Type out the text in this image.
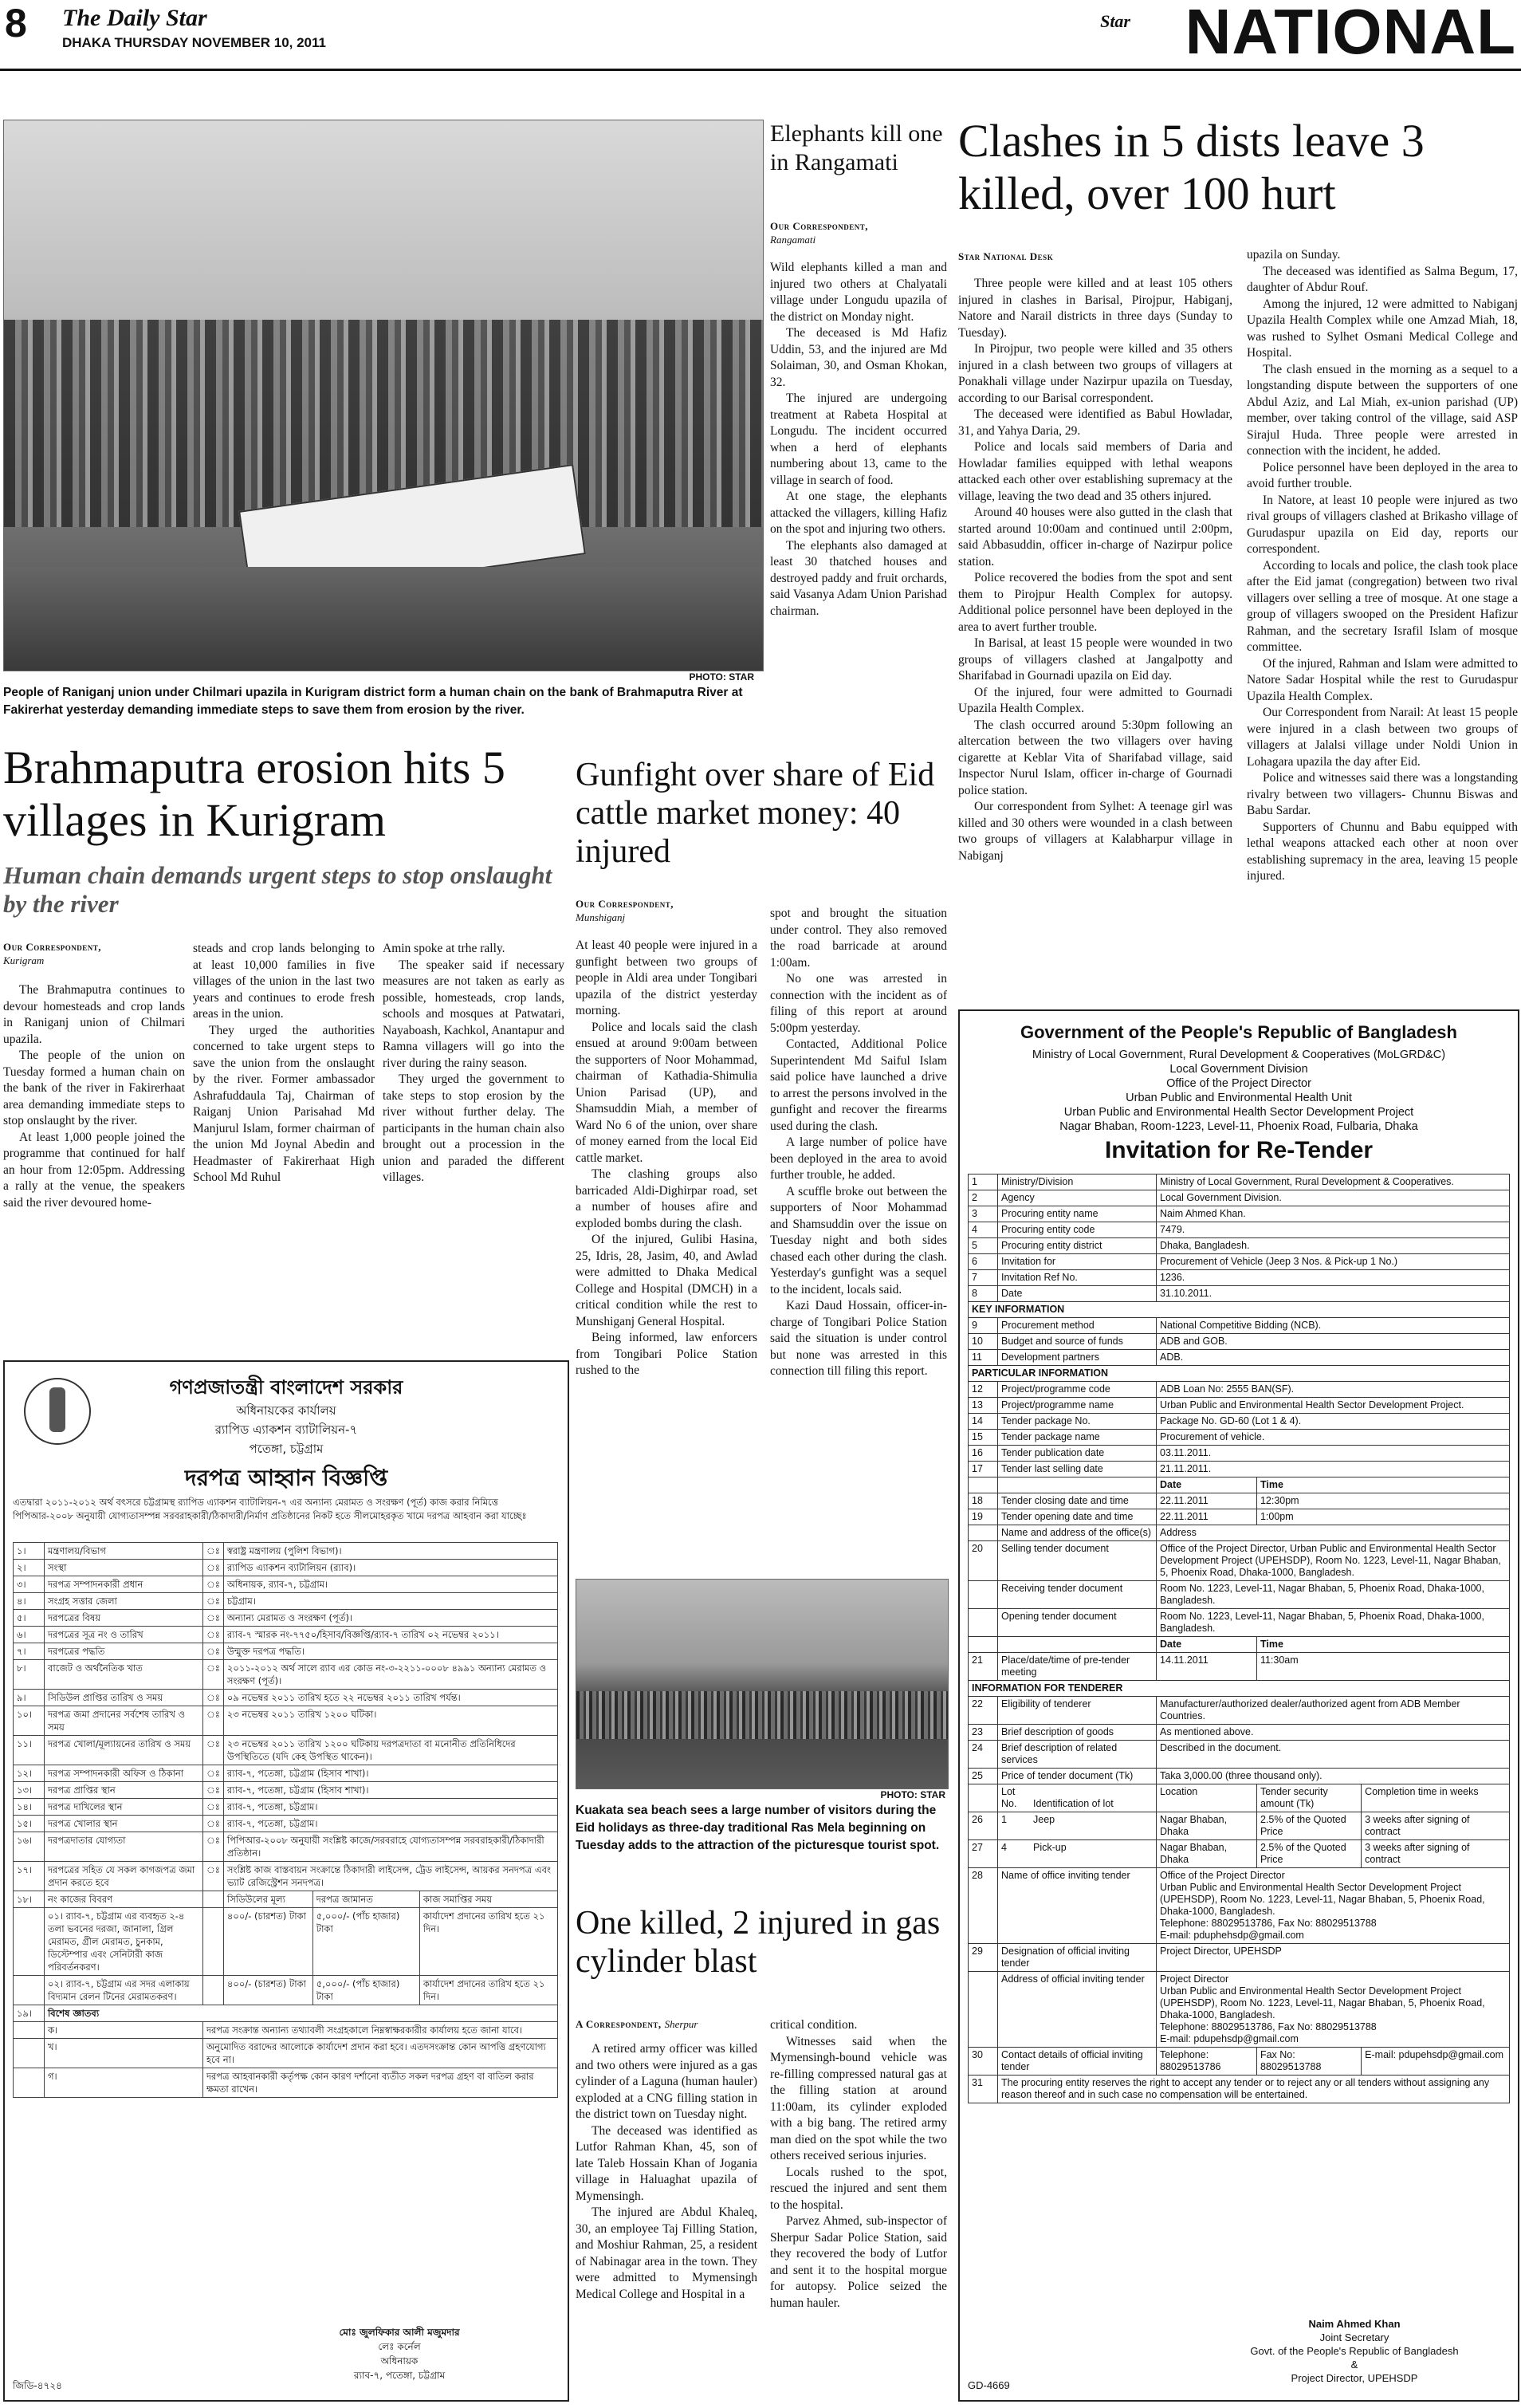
8 The Daily Star
DHAKA THURSDAY NOVEMBER 10, 2011
Star NATIONAL
PHOTO: STAR
People of Raniganj union under Chilmari upazila in Kurigram district form a human chain on the bank of Brahmaputra River at Fakirerhat yesterday demanding immediate steps to save them from erosion by the river.
Brahmaputra erosion hits 5 villages in Kurigram
Human chain demands urgent steps to stop onslaught by the river
Our Correspondent,
Kurigram

The Brahmaputra continues to devour homesteads and crop lands in Raniganj union of Chilmari upazila.

The people of the union on Tuesday formed a human chain on the bank of the river in Fakirerhaat area demanding immediate steps to stop onslaught by the river.

At least 1,000 people joined the programme that continued for half an hour from 12:05pm. Addressing a rally at the venue, the speakers said the river devoured home-

steads and crop lands belonging to at least 10,000 families in five villages of the union in the last two years and continues to erode fresh areas in the union.

They urged the authorities concerned to take urgent steps to save the union from the onslaught by the river. Former ambassador Ashrafuddaula Taj, Chairman of Raiganj Union Parisahad Md Manjurul Islam, former chairman of the union Md Joynal Abedin and Headmaster of Fakirerhaat High School Md Ruhul

Amin spoke at trhe rally.

The speaker said if necessary measures are not taken as early as possible, homesteads, crop lands, schools and mosques at Patwatari, Nayaboash, Kachkol, Anantapur and Ramna villagers will go into the river during the rainy season.

They urged the government to take steps to stop erosion by the river without further delay. The participants in the human chain also brought out a procession in the union and paraded the different villages.

Elephants kill one in Rangamati
Our Correspondent,
Rangamati

Wild elephants killed a man and injured two others at Chalyatali village under Longudu upazila of the district on Monday night.

The deceased is Md Hafiz Uddin, 53, and the injured are Md Solaiman, 30, and Osman Khokan, 32.

The injured are undergoing treatment at Rabeta Hospital at Longudu. The incident occurred when a herd of elephants numbering about 13, came to the village in search of food.

At one stage, the elephants attacked the villagers, killing Hafiz on the spot and injuring two others.

The elephants also damaged at least 30 thatched houses and destroyed paddy and fruit orchards, said Vasanya Adam Union Parishad chairman.

Clashes in 5 dists leave 3 killed, over 100 hurt
Star National Desk

Three people were killed and at least 105 others injured in clashes in Barisal, Pirojpur, Habiganj, Natore and Narail districts in three days (Sunday to Tuesday).

In Pirojpur, two people were killed and 35 others injured in a clash between two groups of villagers at Ponakhali village under Nazirpur upazila on Tuesday, according to our Barisal correspondent.

The deceased were identified as Babul Howladar, 31, and Yahya Daria, 29.

Police and locals said members of Daria and Howladar families equipped with lethal weapons attacked each other over establishing supremacy at the village, leaving the two dead and 35 others injured.

Around 40 houses were also gutted in the clash that started around 10:00am and continued until 2:00pm, said Abbasuddin, officer in-charge of Nazirpur police station.

Police recovered the bodies from the spot and sent them to Pirojpur Health Complex for autopsy. Additional police personnel have been deployed in the area to avert further trouble.

In Barisal, at least 15 people were wounded in two groups of villagers clashed at Jangalpotty and Sharifabad in Gournadi upazila on Eid day.

Of the injured, four were admitted to Gournadi Upazila Health Complex.

The clash occurred around 5:30pm following an altercation between the two villagers over having cigarette at Keblar Vita of Sharifabad village, said Inspector Nurul Islam, officer in-charge of Gournadi police station.

Our correspondent from Sylhet: A teenage girl was killed and 30 others were wounded in a clash between two groups of villagers at Kalabharpur village in Nabiganj

upazila on Sunday.

The deceased was identified as Salma Begum, 17, daughter of Abdur Rouf.

Among the injured, 12 were admitted to Nabiganj Upazila Health Complex while one Amzad Miah, 18, was rushed to Sylhet Osmani Medical College and Hospital.

The clash ensued in the morning as a sequel to a longstanding dispute between the supporters of one Abdul Aziz, and Lal Miah, ex-union parishad (UP) member, over taking control of the village, said ASP Sirajul Huda. Three people were arrested in connection with the incident, he added.

Police personnel have been deployed in the area to avoid further trouble.

In Natore, at least 10 people were injured as two rival groups of villagers clashed at Brikasho village of Gurudaspur upazila on Eid day, reports our correspondent.

According to locals and police, the clash took place after the Eid jamat (congregation) between two rival villagers over selling a tree of mosque. At one stage a group of villagers swooped on the President Hafizur Rahman, and the secretary Israfil Islam of mosque committee.

Of the injured, Rahman and Islam were admitted to Natore Sadar Hospital while the rest to Gurudaspur Upazila Health Complex.

Our Correspondent from Narail: At least 15 people were injured in a clash between two groups of villagers at Jalalsi village under Noldi Union in Lohagara upazila the day after Eid.

Police and witnesses said there was a longstanding rivalry between two villagers- Chunnu Biswas and Babu Sardar.

Supporters of Chunnu and Babu equipped with lethal weapons attacked each other at noon over establishing supremacy in the area, leaving 15 people injured.

Gunfight over share of Eid cattle market money: 40 injured
Our Correspondent,
Munshiganj

At least 40 people were injured in a gunfight between two groups of people in Aldi area under Tongibari upazila of the district yesterday morning.

Police and locals said the clash ensued at around 9:00am between the supporters of Noor Mohammad, chairman of Kathadia-Shimulia Union Parisad (UP), and Shamsuddin Miah, a member of Ward No 6 of the union, over share of money earned from the local Eid cattle market.

The clashing groups also barricaded Aldi-Dighirpar road, set a number of houses afire and exploded bombs during the clash.

Of the injured, Gulibi Hasina, 25, Idris, 28, Jasim, 40, and Awlad were admitted to Dhaka Medical College and Hospital (DMCH) in a critical condition while the rest to Munshiganj General Hospital.

Being informed, law enforcers from Tongibari Police Station rushed to the

spot and brought the situation under control. They also removed the road barricade at around 1:00am.

No one was arrested in connection with the incident as of filing of this report at around 5:00pm yesterday.

Contacted, Additional Police Superintendent Md Saiful Islam said police have launched a drive to arrest the persons involved in the gunfight and recover the firearms used during the clash.

A large number of police have been deployed in the area to avoid further trouble, he added.

A scuffle broke out between the supporters of Noor Mohammad and Shamsuddin over the issue on Tuesday night and both sides chased each other during the clash. Yesterday's gunfight was a sequel to the incident, locals said.

Kazi Daud Hossain, officer-in-charge of Tongibari Police Station said the situation is under control but none was arrested in this connection till filing this report.

PHOTO: STAR
Kuakata sea beach sees a large number of visitors during the Eid holidays as three-day traditional Ras Mela beginning on Tuesday adds to the attraction of the picturesque tourist spot.
One killed, 2 injured in gas cylinder blast
A Correspondent, Sherpur

A retired army officer was killed and two others were injured as a gas cylinder of a Laguna (human hauler) exploded at a CNG filling station in the district town on Tuesday night.

The deceased was identified as Lutfor Rahman Khan, 45, son of late Taleb Hossain Khan of Jogania village in Haluaghat upazila of Mymensingh.

The injured are Abdul Khaleq, 30, an employee Taj Filling Station, and Moshiur Rahman, 25, a resident of Nabinagar area in the town. They were admitted to Mymensingh Medical College and Hospital in a

critical condition.

Witnesses said when the Mymensingh-bound vehicle was re-filling compressed natural gas at the filling station at around 11:00am, its cylinder exploded with a big bang. The retired army man died on the spot while the two others received serious injuries.

Locals rushed to the spot, rescued the injured and sent them to the hospital.

Parvez Ahmed, sub-inspector of Sherpur Sadar Police Station, said they recovered the body of Lutfor and sent it to the hospital morgue for autopsy. Police seized the human hauler.

গণপ্রজাতন্ত্রী বাংলাদেশ সরকার
অধিনায়কের কার্যালয়
র‍্যাপিড এ্যাকশন ব্যাটালিয়ন-৭
পতেঙ্গা, চট্টগ্রাম
দরপত্র আহ্বান বিজ্ঞপ্তি
এতদ্বারা ২০১১-২০১২ অর্থ বৎসরে চট্টগ্রামস্থ র‍্যাপিড এ্যাকশন ব্যাটালিয়ন-৭ এর অন্যান্য মেরামত ও সংরক্ষণ (পূর্ত) কাজ করার নিমিত্তে পিপিআর-২০০৮ অনুযায়ী যোগ্যতাসম্পন্ন সরবরাহকারী/ঠিকাদারী/নির্মাণ প্রতিষ্ঠানের নিকট হতে সীলমোহরকৃত খামে দরপত্র আহবান করা যাচ্ছেঃ
১।	মন্ত্রণালয়/বিভাগ	ঃ	স্বরাষ্ট্র মন্ত্রণালয় (পুলিশ বিভাগ)।		
২।	সংস্থা	ঃ	র‍্যাপিড এ্যাকশন ব্যাটালিয়ন (র‍্যাব)।		
৩।	দরপত্র সম্পাদনকারী প্রধান	ঃ	অধিনায়ক, র‍্যাব-৭, চট্টগ্রাম।		
৪।	সংগ্রহ সত্তার জেলা	ঃ	চট্টগ্রাম।		
৫।	দরপত্রের বিষয়	ঃ	অন্যান্য মেরামত ও সংরক্ষণ (পূর্ত)।		
৬।	দরপত্রের সূত্র নং ও তারিখ	ঃ	র‍্যাব-৭ স্মারক নং-৭৭৫০/হিসাব/বিজ্ঞপ্তি/র‍্যাব-৭ তারিখ ০২ নভেম্বর ২০১১।		
৭।	দরপত্রের পদ্ধতি	ঃ	উন্মুক্ত দরপত্র পদ্ধতি।		
৮।	বাজেট ও অর্থনৈতিক খাত	ঃ	২০১১-২০১২ অর্থ সালে র‍্যাব এর কোড নং-৩-২২১১-০০০৮ ৪৯৯১ অন্যান্য মেরামত ও সংরক্ষণ (পূর্ত)।		
৯।	সিডিউল প্রাপ্তির তারিখ ও সময়	ঃ	০৯ নভেম্বর ২০১১ তারিখ হতে ২২ নভেম্বর ২০১১ তারিখ পর্যন্ত।		
১০।	দরপত্র জমা প্রদানের সর্বশেষ তারিখ ও সময়	ঃ	২৩ নভেম্বর ২০১১ তারিখ ১২০০ ঘটিকা।		
১১।	দরপত্র খোলা/মূল্যায়নের তারিখ ও সময়	ঃ	২৩ নভেম্বর ২০১১ তারিখ ১২০০ ঘটিকায় দরপত্রদাতা বা মনোনীত প্রতিনিধিদের উপস্থিতিতে (যদি কেহ উপস্থিত থাকেন)।		
১২।	দরপত্র সম্পাদনকারী অফিস ও ঠিকানা	ঃ	র‍্যাব-৭, পতেঙ্গা, চট্টগ্রাম (হিসাব শাখা)।		
১৩।	দরপত্র প্রাপ্তির স্থান	ঃ	র‍্যাব-৭, পতেঙ্গা, চট্টগ্রাম (হিসাব শাখা)।		
১৪।	দরপত্র দাখিলের স্থান	ঃ	র‍্যাব-৭, পতেঙ্গা, চট্টগ্রাম।		
১৫।	দরপত্র খোলার স্থান	ঃ	র‍্যাব-৭, পতেঙ্গা, চট্টগ্রাম।		
১৬।	দরপত্রদাতার যোগ্যতা	ঃ	পিপিআর-২০০৮ অনুযায়ী সংশ্লিষ্ট কাজে/সরবরাহে যোগ্যতাসম্পন্ন সরবরাহকারী/ঠিকাদারী প্রতিষ্ঠান।		
১৭।	দরপত্রের সহিত যে সকল কাগজপত্র জমা প্রদান করতে হবে	ঃ	সংশ্লিষ্ট কাজ বাস্তবায়ন সংক্রান্তে ঠিকাদারী লাইসেন্স, ট্রেড লাইসেন্স, আয়কর সনদপত্র এবং ভ্যাট রেজিস্ট্রেশন সনদপত্র।		
১৮।	নং কাজের বিবরণ		সিডিউলের মূল্য	দরপত্র জামানত	কাজ সমাপ্তির সময়
	০১। র‍্যাব-৭, চট্টগ্রাম এর ব্যবহৃত ২-৪ তলা ভবনের দরজা, জানালা, গ্রিল মেরামত, গ্রীল মেরামত, চুনকাম, ডিস্টেম্পার এবং সেনিটারী কাজ পরিবর্তনকরণ।		৪০০/- (চারশত) টাকা	৫,০০০/- (পাঁচ হাজার) টাকা	কার্যাদেশ প্রদানের তারিখ হতে ২১ দিন।
	০২। র‍্যাব-৭, চট্টগ্রাম এর সদর এলাকায় বিদ্যমান রেলন টিনের মেরামতকরণ।		৪০০/- (চারশত) টাকা	৫,০০০/- (পাঁচ হাজার) টাকা	কার্যাদেশ প্রদানের তারিখ হতে ২১ দিন।
১৯।	বিশেষ জ্ঞাতব্য				
	ক।	দরপত্র সংক্রান্ত অন্যান্য তথ্যাবলী সংগ্রহকালে নিম্নস্বাক্ষরকারীর কার্যালয় হতে জানা যাবে।			
	খ।	অনুমোদিত বরাদ্দের আলোকে কার্যাদেশ প্রদান করা হবে। এতদসংক্রান্ত কোন আপত্তি গ্রহণযোগ্য হবে না।			
	গ।	দরপত্র আহবানকারী কর্তৃপক্ষ কোন কারণ দর্শানো ব্যতীত সকল দরপত্র গ্রহণ বা বাতিল করার ক্ষমতা রাখেন।			
মোঃ জুলফিকার আলী মজুমদার
লেঃ কর্নেল
অধিনায়ক
র‍্যাব-৭, পতেঙ্গা, চট্টগ্রাম
জিডি-৪৭২৪
Government of the People's Republic of Bangladesh
Ministry of Local Government, Rural Development & Cooperatives (MoLGRD&C)
Local Government Division
Office of the Project Director
Urban Public and Environmental Health Unit
Urban Public and Environmental Health Sector Development Project
Nagar Bhaban, Room-1223, Level-11, Phoenix Road, Fulbaria, Dhaka
Invitation for Re-Tender
1	Ministry/Division	Ministry of Local Government, Rural Development & Cooperatives.		
2	Agency	Local Government Division.		
3	Procuring entity name	Naim Ahmed Khan.		
4	Procuring entity code	7479.		
5	Procuring entity district	Dhaka, Bangladesh.		
6	Invitation for	Procurement of Vehicle (Jeep 3 Nos. & Pick-up 1 No.)		
7	Invitation Ref No.	1236.		
8	Date	31.10.2011.		
KEY INFORMATION				
9	Procurement method	National Competitive Bidding (NCB).		
10	Budget and source of funds	ADB and GOB.		
11	Development partners	ADB.		
PARTICULAR INFORMATION				
12	Project/programme code	ADB Loan No: 2555 BAN(SF).		
13	Project/programme name	Urban Public and Environmental Health Sector Development Project.		
14	Tender package No.	Package No. GD-60 (Lot 1 & 4).		
15	Tender package name	Procurement of vehicle.		
16	Tender publication date	03.11.2011.		
17	Tender last selling date	21.11.2011.		
		Date	Time	
18	Tender closing date and time	22.11.2011	12:30pm	
19	Tender opening date and time	22.11.2011	1:00pm	
	Name and address of the office(s)	Address		
20	Selling tender document	Office of the Project Director, Urban Public and Environmental Health Sector Development Project (UPEHSDP), Room No. 1223, Level-11, Nagar Bhaban, 5, Phoenix Road, Dhaka-1000, Bangladesh.		
	Receiving tender document	Room No. 1223, Level-11, Nagar Bhaban, 5, Phoenix Road, Dhaka-1000, Bangladesh.		
	Opening tender document	Room No. 1223, Level-11, Nagar Bhaban, 5, Phoenix Road, Dhaka-1000, Bangladesh.		
		Date	Time	
21	Place/date/time of pre-tender meeting	14.11.2011	11:30am	
INFORMATION FOR TENDERER				
22	Eligibility of tenderer	Manufacturer/authorized dealer/authorized agent from ADB Member Countries.		
23	Brief description of goods	As mentioned above.		
24	Brief description of related services	Described in the document.		
25	Price of tender document (Tk)	Taka 3,000.00 (three thousand only).		
	Lot No. Identification of lot	Location	Tender security amount (Tk)	Completion time in weeks
26	1 Jeep	Nagar Bhaban, Dhaka	2.5% of the Quoted Price	3 weeks after signing of contract
27	4 Pick-up	Nagar Bhaban, Dhaka	2.5% of the Quoted Price	3 weeks after signing of contract
28	Name of office inviting tender	Office of the Project Director
Urban Public and Environmental Health Sector Development Project (UPEHSDP), Room No. 1223, Level-11, Nagar Bhaban, 5, Phoenix Road, Dhaka-1000, Bangladesh.
Telephone: 88029513786, Fax No: 88029513788
E-mail: pduphehsdp@gmail.com		
29	Designation of official inviting tender	Project Director, UPEHSDP		
	Address of official inviting tender	Project Director
Urban Public and Environmental Health Sector Development Project (UPEHSDP), Room No. 1223, Level-11, Nagar Bhaban, 5, Phoenix Road, Dhaka-1000, Bangladesh.
Telephone: 88029513786, Fax No: 88029513788
E-mail: pdupehsdp@gmail.com		
30	Contact details of official inviting tender	Telephone: 88029513786	Fax No: 88029513788	E-mail: pdupehsdp@gmail.com
31	The procuring entity reserves the right to accept any tender or to reject any or all tenders without assigning any reason thereof and in such case no compensation will be entertained.			
Naim Ahmed Khan
Joint Secretary
Govt. of the People's Republic of Bangladesh
&
Project Director, UPEHSDP
GD-4669
